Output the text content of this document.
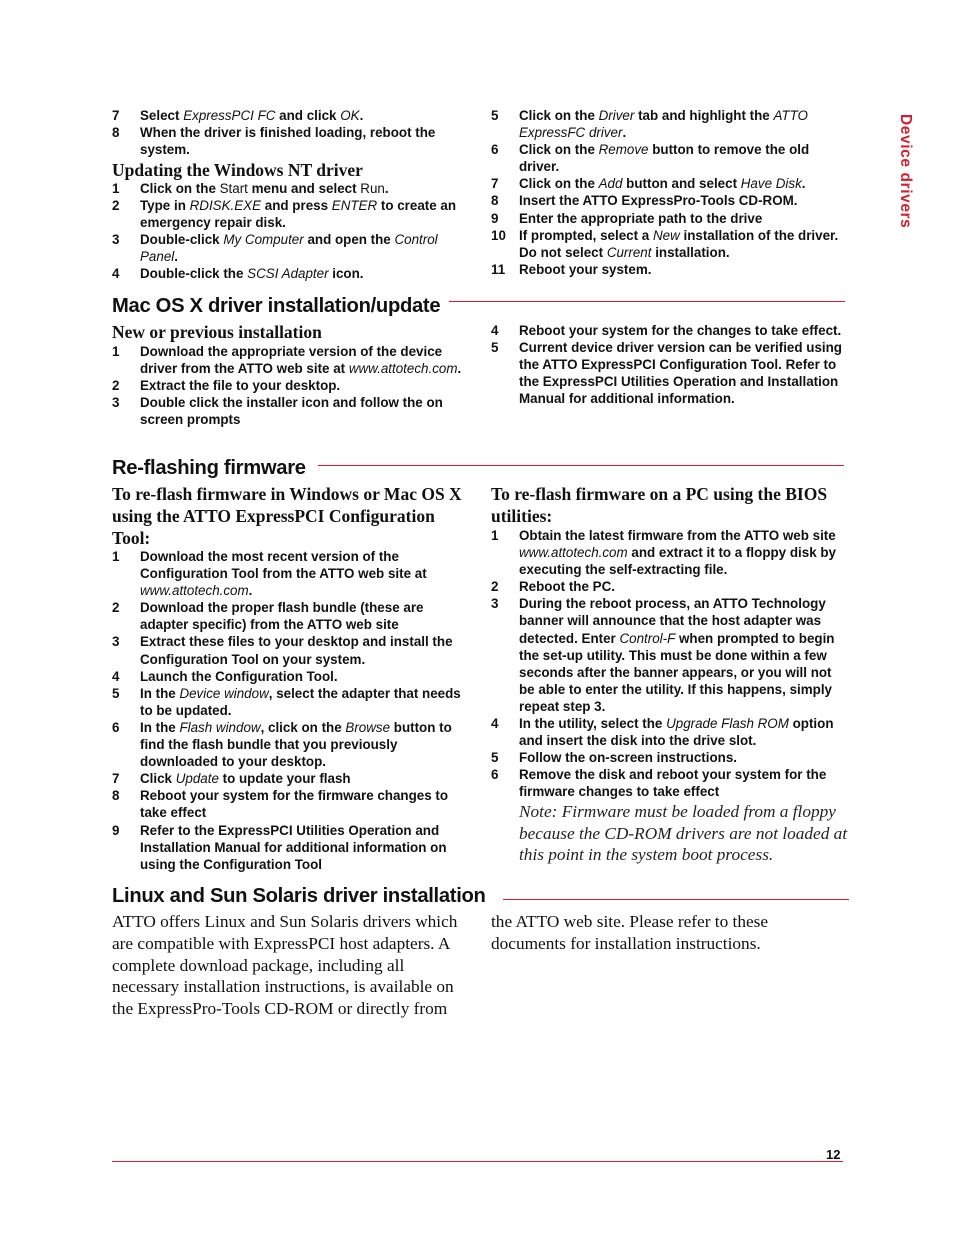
Device drivers
7 Select ExpressPCI FC and click OK.
8 When the driver is finished loading, reboot the system.
Updating the Windows NT driver
1 Click on the Start menu and select Run.
2 Type in RDISK.EXE and press ENTER to create an emergency repair disk.
3 Double-click My Computer and open the Control Panel.
4 Double-click the SCSI Adapter icon.
5 Click on the Driver tab and highlight the ATTO ExpressFC driver.
6 Click on the Remove button to remove the old driver.
7 Click on the Add button and select Have Disk.
8 Insert the ATTO ExpressPro-Tools CD-ROM.
9 Enter the appropriate path to the drive
10 If prompted, select a New installation of the driver. Do not select Current installation.
11 Reboot your system.
Mac OS X driver installation/update
New or previous installation
1 Download the appropriate version of the device driver from the ATTO web site at www.attotech.com.
2 Extract the file to your desktop.
3 Double click the installer icon and follow the on screen prompts
4 Reboot your system for the changes to take effect.
5 Current device driver version can be verified using the ATTO ExpressPCI Configuration Tool. Refer to the ExpressPCI Utilities Operation and Installation Manual for additional information.
Re-flashing firmware
To re-flash firmware in Windows or Mac OS X using the ATTO ExpressPCI Configuration Tool:
1 Download the most recent version of the Configuration Tool from the ATTO web site at www.attotech.com.
2 Download the proper flash bundle (these are adapter specific) from the ATTO web site
3 Extract these files to your desktop and install the Configuration Tool on your system.
4 Launch the Configuration Tool.
5 In the Device window, select the adapter that needs to be updated.
6 In the Flash window, click on the Browse button to find the flash bundle that you previously downloaded to your desktop.
7 Click Update to update your flash
8 Reboot your system for the firmware changes to take effect
9 Refer to the ExpressPCI Utilities Operation and Installation Manual for additional information on using the Configuration Tool
To re-flash firmware on a PC using the BIOS utilities:
1 Obtain the latest firmware from the ATTO web site www.attotech.com and extract it to a floppy disk by executing the self-extracting file.
2 Reboot the PC.
3 During the reboot process, an ATTO Technology banner will announce that the host adapter was detected. Enter Control-F when prompted to begin the set-up utility. This must be done within a few seconds after the banner appears, or you will not be able to enter the utility. If this happens, simply repeat step 3.
4 In the utility, select the Upgrade Flash ROM option and insert the disk into the drive slot.
5 Follow the on-screen instructions.
6 Remove the disk and reboot your system for the firmware changes to take effect
Note: Firmware must be loaded from a floppy because the CD-ROM drivers are not loaded at this point in the system boot process.
Linux and Sun Solaris driver installation
ATTO offers Linux and Sun Solaris drivers which are compatible with ExpressPCI host adapters. A complete download package, including all necessary installation instructions, is available on the ExpressPro-Tools CD-ROM or directly from
the ATTO web site. Please refer to these documents for installation instructions.
12
